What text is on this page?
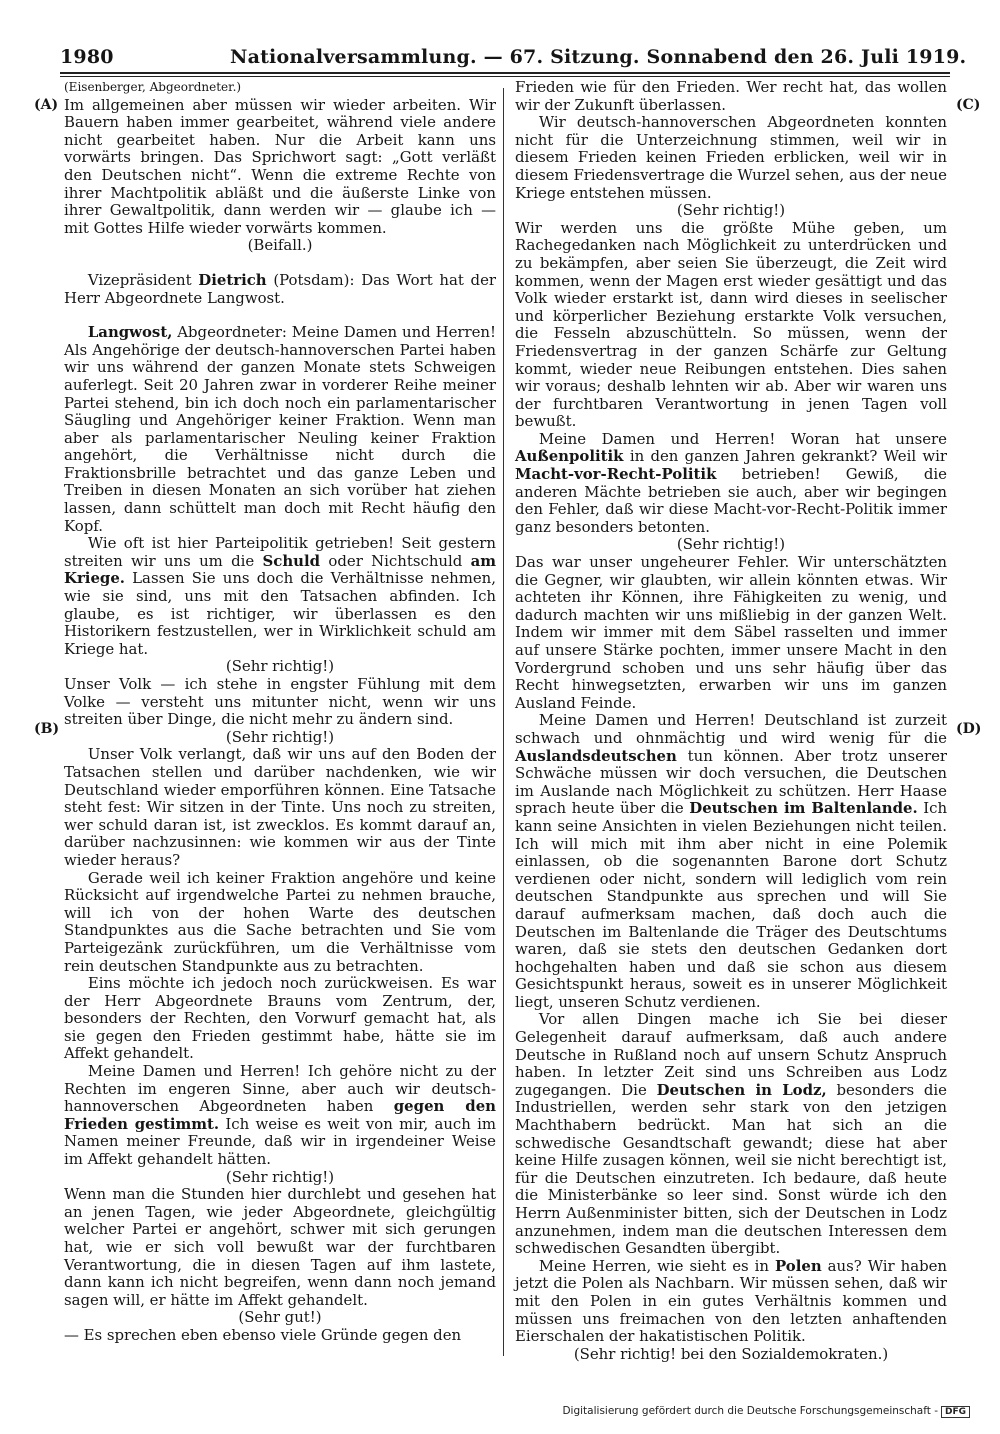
1980	Nationalversammlung. — 67. Sitzung. Sonnabend den 26. Juli 1919.
(A)
(B)
(C)
(D)

(Eisenberger, Abgeordneter.)

Im allgemeinen aber müssen wir wieder arbeiten. Wir Bauern haben immer gearbeitet, während viele andere nicht gearbeitet haben. Nur die Arbeit kann uns vorwärts bringen. Das Sprichwort sagt: „Gott verläßt den Deutschen nicht“. Wenn die extreme Rechte von ihrer Machtpolitik abläßt und die äußerste Linke von ihrer Gewaltpolitik, dann werden wir — glaube ich — mit Gottes Hilfe wieder vorwärts kommen.

(Beifall.)

Vizepräsident Dietrich (Potsdam): Das Wort hat der Herr Abgeordnete Langwost.

Langwost, Abgeordneter: Meine Damen und Herren! Als Angehörige der deutsch-hannoverschen Partei haben wir uns während der ganzen Monate stets Schweigen auferlegt. Seit 20 Jahren zwar in vorderer Reihe meiner Partei stehend, bin ich doch noch ein parlamentarischer Säugling und Angehöriger keiner Fraktion. Wenn man aber als parlamentarischer Neuling keiner Fraktion angehört, die Verhältnisse nicht durch die Fraktionsbrille betrachtet und das ganze Leben und Treiben in diesen Monaten an sich vorüber hat ziehen lassen, dann schüttelt man doch mit Recht häufig den Kopf.

Wie oft ist hier Parteipolitik getrieben! Seit gestern streiten wir uns um die Schuld oder Nichtschuld am Kriege. Lassen Sie uns doch die Verhältnisse nehmen, wie sie sind, uns mit den Tatsachen abfinden. Ich glaube, es ist richtiger, wir überlassen es den Historikern festzustellen, wer in Wirklichkeit schuld am Kriege hat.

(Sehr richtig!)

Unser Volk — ich stehe in engster Fühlung mit dem Volke — versteht uns mitunter nicht, wenn wir uns streiten über Dinge, die nicht mehr zu ändern sind.

(Sehr richtig!)

Unser Volk verlangt, daß wir uns auf den Boden der Tatsachen stellen und darüber nachdenken, wie wir Deutschland wieder emporführen können. Eine Tatsache steht fest: Wir sitzen in der Tinte. Uns noch zu streiten, wer schuld daran ist, ist zwecklos. Es kommt darauf an, darüber nachzusinnen: wie kommen wir aus der Tinte wieder heraus?

Gerade weil ich keiner Fraktion angehöre und keine Rücksicht auf irgendwelche Partei zu nehmen brauche, will ich von der hohen Warte des deutschen Standpunktes aus die Sache betrachten und Sie vom Parteigezänk zurückführen, um die Verhältnisse vom rein deutschen Standpunkte aus zu betrachten.

Eins möchte ich jedoch noch zurückweisen. Es war der Herr Abgeordnete Brauns vom Zentrum, der, besonders der Rechten, den Vorwurf gemacht hat, als sie gegen den Frieden gestimmt habe, hätte sie im Affekt gehandelt.

Meine Damen und Herren! Ich gehöre nicht zu der Rechten im engeren Sinne, aber auch wir deutsch-hannoverschen Abgeordneten haben gegen den Frieden gestimmt. Ich weise es weit von mir, auch im Namen meiner Freunde, daß wir in irgendeiner Weise im Affekt gehandelt hätten.

(Sehr richtig!)

Wenn man die Stunden hier durchlebt und gesehen hat an jenen Tagen, wie jeder Abgeordnete, gleichgültig welcher Partei er angehört, schwer mit sich gerungen hat, wie er sich voll bewußt war der furchtbaren Verantwortung, die in diesen Tagen auf ihm lastete, dann kann ich nicht begreifen, wenn dann noch jemand sagen will, er hätte im Affekt gehandelt.

(Sehr gut!)

— Es sprechen eben ebenso viele Gründe gegen den

Frieden wie für den Frieden. Wer recht hat, das wollen wir der Zukunft überlassen.

Wir deutsch-hannoverschen Abgeordneten konnten nicht für die Unterzeichnung stimmen, weil wir in diesem Frieden keinen Frieden erblicken, weil wir in diesem Friedensvertrage die Wurzel sehen, aus der neue Kriege entstehen müssen.

(Sehr richtig!)

Wir werden uns die größte Mühe geben, um Rachegedanken nach Möglichkeit zu unterdrücken und zu bekämpfen, aber seien Sie überzeugt, die Zeit wird kommen, wenn der Magen erst wieder gesättigt und das Volk wieder erstarkt ist, dann wird dieses in seelischer und körperlicher Beziehung erstarkte Volk versuchen, die Fesseln abzuschütteln. So müssen, wenn der Friedensvertrag in der ganzen Schärfe zur Geltung kommt, wieder neue Reibungen entstehen. Dies sahen wir voraus; deshalb lehnten wir ab. Aber wir waren uns der furchtbaren Verantwortung in jenen Tagen voll bewußt.

Meine Damen und Herren! Woran hat unsere Außenpolitik in den ganzen Jahren gekrankt? Weil wir Macht-vor-Recht-Politik betrieben! Gewiß, die anderen Mächte betrieben sie auch, aber wir begingen den Fehler, daß wir diese Macht-vor-Recht-Politik immer ganz besonders betonten.

(Sehr richtig!)

Das war unser ungeheurer Fehler. Wir unterschätzten die Gegner, wir glaubten, wir allein könnten etwas. Wir achteten ihr Können, ihre Fähigkeiten zu wenig, und dadurch machten wir uns mißliebig in der ganzen Welt. Indem wir immer mit dem Säbel rasselten und immer auf unsere Stärke pochten, immer unsere Macht in den Vordergrund schoben und uns sehr häufig über das Recht hinwegsetzten, erwarben wir uns im ganzen Ausland Feinde.

Meine Damen und Herren! Deutschland ist zurzeit schwach und ohnmächtig und wird wenig für die Auslandsdeutschen tun können. Aber trotz unserer Schwäche müssen wir doch versuchen, die Deutschen im Auslande nach Möglichkeit zu schützen. Herr Haase sprach heute über die Deutschen im Baltenlande. Ich kann seine Ansichten in vielen Beziehungen nicht teilen. Ich will mich mit ihm aber nicht in eine Polemik einlassen, ob die sogenannten Barone dort Schutz verdienen oder nicht, sondern will lediglich vom rein deutschen Standpunkte aus sprechen und will Sie darauf aufmerksam machen, daß doch auch die Deutschen im Baltenlande die Träger des Deutschtums waren, daß sie stets den deutschen Gedanken dort hochgehalten haben und daß sie schon aus diesem Gesichtspunkt heraus, soweit es in unserer Möglichkeit liegt, unseren Schutz verdienen.

Vor allen Dingen mache ich Sie bei dieser Gelegenheit darauf aufmerksam, daß auch andere Deutsche in Rußland noch auf unsern Schutz Anspruch haben. In letzter Zeit sind uns Schreiben aus Lodz zugegangen. Die Deutschen in Lodz, besonders die Industriellen, werden sehr stark von den jetzigen Machthabern bedrückt. Man hat sich an die schwedische Gesandtschaft gewandt; diese hat aber keine Hilfe zusagen können, weil sie nicht berechtigt ist, für die Deutschen einzutreten. Ich bedaure, daß heute die Ministerbänke so leer sind. Sonst würde ich den Herrn Außenminister bitten, sich der Deutschen in Lodz anzunehmen, indem man die deutschen Interessen dem schwedischen Gesandten übergibt.

Meine Herren, wie sieht es in Polen aus? Wir haben jetzt die Polen als Nachbarn. Wir müssen sehen, daß wir mit den Polen in ein gutes Verhältnis kommen und müssen uns freimachen von den letzten anhaftenden Eierschalen der hakatistischen Politik.

(Sehr richtig! bei den Sozialdemokraten.)

Digitalisierung gefördert durch die Deutsche Forschungsgemeinschaft - DFG
